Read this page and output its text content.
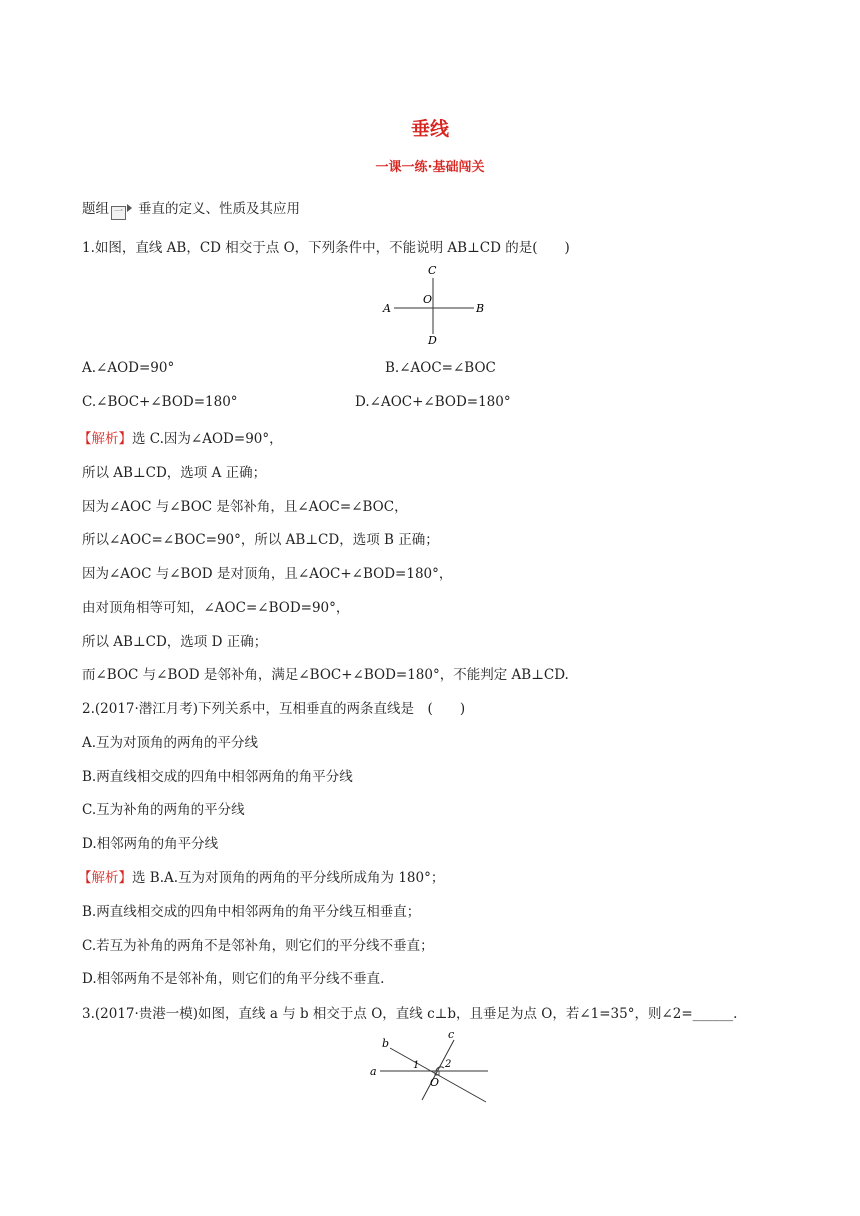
垂线
一课一练·基础闯关
题组 一 垂直的定义、性质及其应用
1.如图，直线 AB，CD 相交于点 O，下列条件中，不能说明 AB⊥CD 的是(　　)
C
O
A	B
D
A.∠AOD=90°	B.∠AOC=∠BOC
C.∠BOC+∠BOD=180°	D.∠AOC+∠BOD=180°
【解析】选 C.因为∠AOD=90°，
所以 AB⊥CD，选项 A 正确；
因为∠AOC 与∠BOC 是邻补角，且∠AOC=∠BOC，
所以∠AOC=∠BOC=90°，所以 AB⊥CD，选项 B 正确；
因为∠AOC 与∠BOD 是对顶角，且∠AOC+∠BOD=180°，
由对顶角相等可知，∠AOC=∠BOD=90°，
所以 AB⊥CD，选项 D 正确；
而∠BOC 与∠BOD 是邻补角，满足∠BOC+∠BOD=180°，不能判定 AB⊥CD.
2.(2017·潜江月考)下列关系中，互相垂直的两条直线是　(　　)
A.互为对顶角的两角的平分线
B.两直线相交成的四角中相邻两角的角平分线
C.互为补角的两角的平分线
D.相邻两角的角平分线
【解析】选 B.A.互为对顶角的两角的平分线所成角为 180°；
B.两直线相交成的四角中相邻两角的角平分线互相垂直；
C.若互为补角的两角不是邻补角，则它们的平分线不垂直；
D.相邻两角不是邻补角，则它们的角平分线不垂直.
3.(2017·贵港一模)如图，直线 a 与 b 相交于点 O，直线 c⊥b，且垂足为点 O，若∠1=35°，则∠2=______.
b
c
a	1	2
O
